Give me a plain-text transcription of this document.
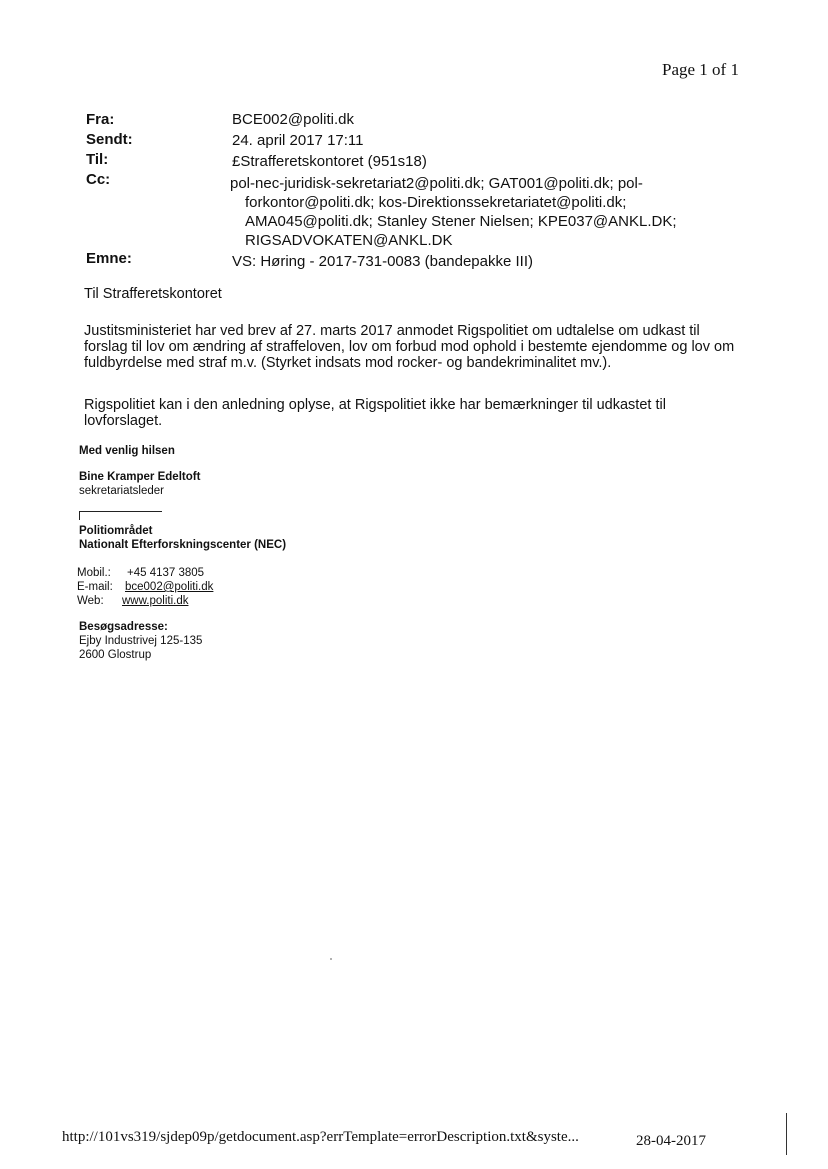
Page 1 of 1
Fra:	BCE002@politi.dk
Sendt:	24. april 2017 17:11
Til:	£Strafferetskontoret (951s18)
Cc:	pol-nec-juridisk-sekretariat2@politi.dk; GAT001@politi.dk; pol-
forkontor@politi.dk; kos-Direktionssekretariatet@politi.dk;
AMA045@politi.dk; Stanley Stener Nielsen; KPE037@ANKL.DK;
RIGSADVOKATEN@ANKL.DK
Emne:	VS: Høring - 2017-731-0083 (bandepakke III)
Til Strafferetskontoret
Justitsministeriet har ved brev af 27. marts 2017 anmodet Rigspolitiet om udtalelse om udkast til forslag til lov om ændring af straffeloven, lov om forbud mod ophold i bestemte ejendomme og lov om fuldbyrdelse med straf m.v. (Styrket indsats mod rocker- og bandekriminalitet mv.).
Rigspolitiet kan i den anledning oplyse, at Rigspolitiet ikke har bemærkninger til udkastet til lovforslaget.
Med venlig hilsen
Bine Kramper Edeltoft
sekretariatsleder
Politiområdet
Nationalt Efterforskningscenter (NEC)
Mobil.: +45 4137 3805
E-mail: bce002@politi.dk
Web: www.politi.dk
Besøgsadresse:
Ejby Industrivej 125-135
2600 Glostrup
http://101vs319/sjdep09p/getdocument.asp?errTemplate=errorDescription.txt&syste...	28-04-2017
